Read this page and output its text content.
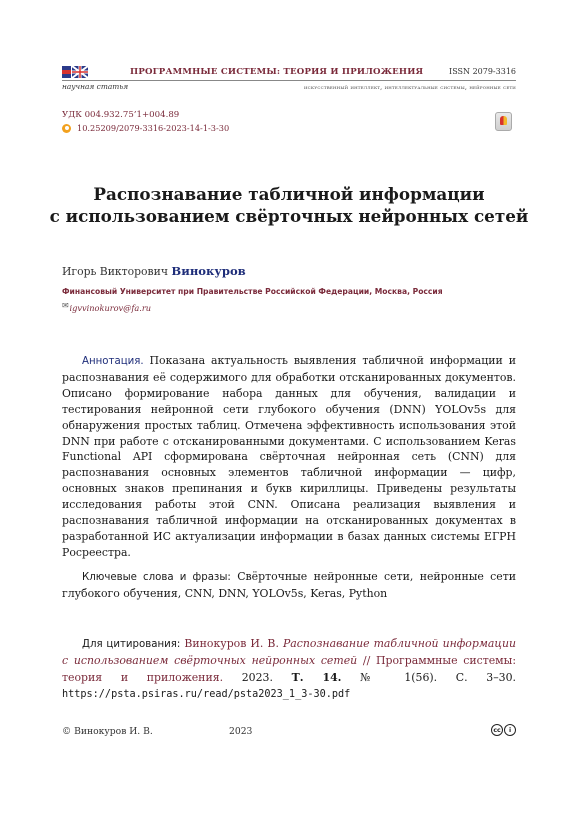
ПРОГРАММНЫЕ СИСТЕМЫ: ТЕОРИЯ И ПРИЛОЖЕНИЯ	ISSN 2079-3316
научная статья	искусственный интеллект, интеллектуальные системы, нейронные сети
УДК 004.932.75’1+004.89
10.25209/2079-3316-2023-14-1-3-30
Распознавание табличной информации
с использованием свёрточных нейронных сетей
Игорь Викторович Винокуров
Финансовый Университет при Правительстве Российской Федерации, Москва, Россия
✉igvvinokurov@fa.ru
Аннотация. Показана актуальность выявления табличной информации и распознавания её содержимого для обработки отсканированных документов. Описано формирование набора данных для обучения, валидации и тестирования нейронной сети глубокого обучения (DNN) YOLOv5s для обнаружения простых таблиц. Отмечена эффективность использования этой DNN при работе с отсканированными документами. С использованием Keras Functional API сформирована свёрточная нейронная сеть (CNN) для распознавания основных элементов табличной информации — цифр, основных знаков препинания и букв кириллицы. Приведены результаты исследования работы этой CNN. Описана реализация выявления и распознавания табличной информации на отсканированных документах в разработанной ИС актуализации информации в базах данных системы ЕГРН Росреестра.
Ключевые слова и фразы: Свёрточные нейронные сети, нейронные сети глубокого обучения, CNN, DNN, YOLOv5s, Keras, Python
Для цитирования: Винокуров И. В. Распознавание табличной информации с использованием свёрточных нейронных сетей // Программные системы: теория и приложения. 2023. Т. 14. № 1(56). С. 3–30. https://psta.psiras.ru/read/psta2023_1_3-30.pdf
© Винокуров И. В.	2023	cc	i
